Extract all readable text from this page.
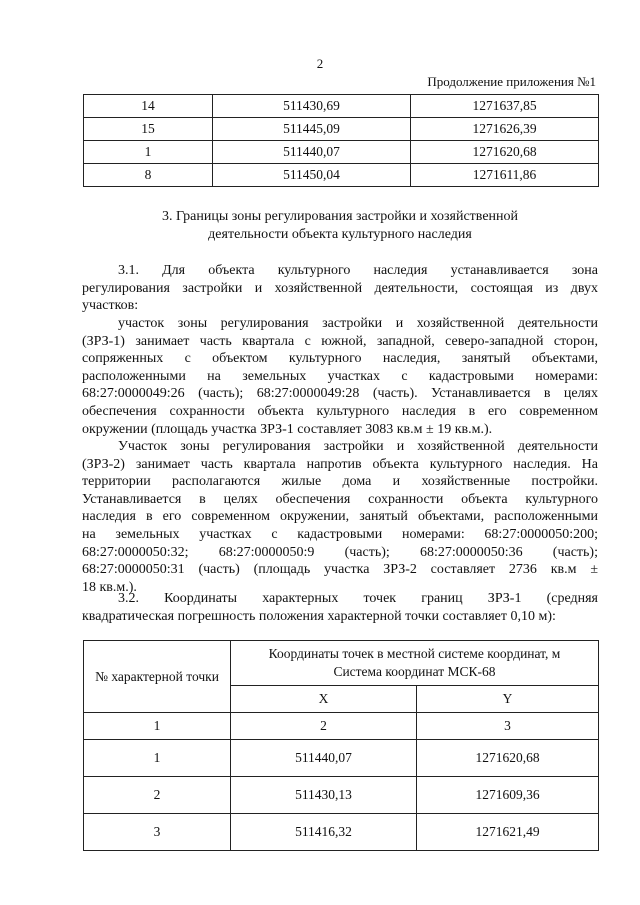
2
Продолжение приложения №1
14	511430,69	1271637,85
15	511445,09	1271626,39
1	511440,07	1271620,68
8	511450,04	1271611,86
3. Границы зоны регулирования застройки и хозяйственной
деятельности объекта культурного наследия
3.1. Для объекта культурного наследия устанавливается зона
регулирования застройки и хозяйственной деятельности, состоящая из двух
участков:
участок зоны регулирования застройки и хозяйственной деятельности
(ЗРЗ-1) занимает часть квартала с южной, западной, северо-западной сторон,
сопряженных с объектом культурного наследия, занятый объектами,
расположенными на земельных участках с кадастровыми номерами:
68:27:0000049:26 (часть); 68:27:0000049:28 (часть). Устанавливается в целях
обеспечения сохранности объекта культурного наследия в его современном
окружении (площадь участка ЗРЗ-1 составляет 3083 кв.м ± 19 кв.м.).
Участок зоны регулирования застройки и хозяйственной деятельности
(ЗРЗ-2) занимает часть квартала напротив объекта культурного наследия. На
территории располагаются жилые дома и хозяйственные постройки.
Устанавливается в целях обеспечения сохранности объекта культурного
наследия в его современном окружении, занятый объектами, расположенными
на земельных участках с кадастровыми номерами: 68:27:0000050:200;
68:27:0000050:32; 68:27:0000050:9 (часть); 68:27:0000050:36 (часть);
68:27:0000050:31 (часть) (площадь участка ЗРЗ-2 составляет 2736 кв.м ±
18 кв.м.).
3.2. Координаты характерных точек границ ЗРЗ-1 (средняя
квадратическая погрешность положения характерной точки составляет 0,10 м):
№ характерной точки	Координаты точек в местной системе координат, м
Система координат МСК-68	

	X	Y
1	2	3
1	511440,07	1271620,68
2	511430,13	1271609,36
3	511416,32	1271621,49
